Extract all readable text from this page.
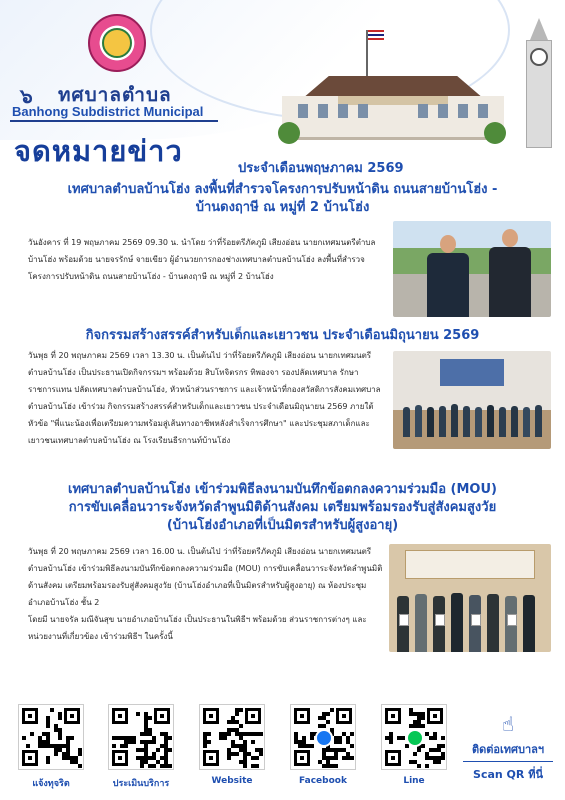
๖ ทศบาลตำบล
Banhong Subdistrict Municipal
จดหมายข่าว
ประจำเดือนพฤษภาคม 2569
เทศบาลตำบลบ้านโฮ่ง ลงพื้นที่สำรวจโครงการปรับหน้าดิน ถนนสายบ้านโฮ่ง -
บ้านดงฤาษี ณ หมู่ที่ 2 บ้านโฮ่ง
วันอังคาร ที่ 19 พฤษภาคม 2569 09.30 น. นำโดย ว่าที่ร้อยตรีภัคภูมิ เสียงอ่อน นายกเทศมนตรีตำบลบ้านโฮ่ง พร้อมด้วย นายจรรักษ์ จายเขียว ผู้อำนวยการกองช่างเทศบาลตำบลบ้านโฮ่ง ลงพื้นที่สำรวจโครงการปรับหน้าดิน ถนนสายบ้านโฮ่ง - บ้านดงฤาษี ณ หมู่ที่ 2 บ้านโฮ่ง
กิจกรรมสร้างสรรค์สำหรับเด็กและเยาวชน ประจำเดือนมิถุนายน 2569
วันพุธ ที่ 20 พฤษภาคม 2569 เวลา 13.30 น. เป็นต้นไป ว่าที่ร้อยตรีภัคภูมิ เสียงอ่อน นายกเทศมนตรีตำบลบ้านโฮ่ง เป็นประธานเปิดกิจกรรมฯ พร้อมด้วย สิบโทจิตรกร ทิพองจา รองปลัดเทศบาล รักษาราชการแทน ปลัดเทศบาลตำบลบ้านโฮ่ง, หัวหน้าส่วนราชการ และเจ้าหน้าที่กองสวัสดิการสังคมเทศบาลตำบลบ้านโฮ่ง เข้าร่วม กิจกรรมสร้างสรรค์สำหรับเด็กและเยาวชน ประจำเดือนมิถุนายน 2569 ภายใต้หัวข้อ "พี่แนะน้องเพื่อเตรียมความพร้อมสู่เส้นทางอาชีพหลังสำเร็จการศึกษา" และประชุมสภาเด็กและเยาวชนเทศบาลตำบลบ้านโฮ่ง ณ โรงเรียนธีรกานท์บ้านโฮ่ง
เทศบาลตำบลบ้านโฮ่ง เข้าร่วมพิธีลงนามบันทึกข้อตกลงความร่วมมือ (MOU)
การขับเคลื่อนวาระจังหวัดลำพูนมิติด้านสังคม เตรียมพร้อมรองรับสู่สังคมสูงวัย
(บ้านโฮ่งอำเภอที่เป็นมิตรสำหรับผู้สูงอายุ)
วันพุธ ที่ 20 พฤษภาคม 2569 เวลา 16.00 น. เป็นต้นไป ว่าที่ร้อยตรีภัคภูมิ เสียงอ่อน นายกเทศมนตรีตำบลบ้านโฮ่ง เข้าร่วมพิธีลงนามบันทึกข้อตกลงความร่วมมือ (MOU) การขับเคลื่อนวาระจังหวัดลำพูนมิติด้านสังคม เตรียมพร้อมรองรับสู่สังคมสูงวัย (บ้านโฮ่งอำเภอที่เป็นมิตรสำหรับผู้สูงอายุ) ณ ห้องประชุมอำเภอบ้านโฮ่ง ชั้น 2
โดยมี นายจรัล มณีจันสุข นายอำเภอบ้านโฮ่ง เป็นประธานในพิธีฯ พร้อมด้วย ส่วนราชการต่างๆ และหน่วยงานที่เกี่ยวข้อง เข้าร่วมพิธีฯ ในครั้งนี้
แจ้งทุจริต	ประเมินบริการ	Website	Facebook	Line
☝
ติดต่อเทศบาลฯ
Scan QR ที่นี่
